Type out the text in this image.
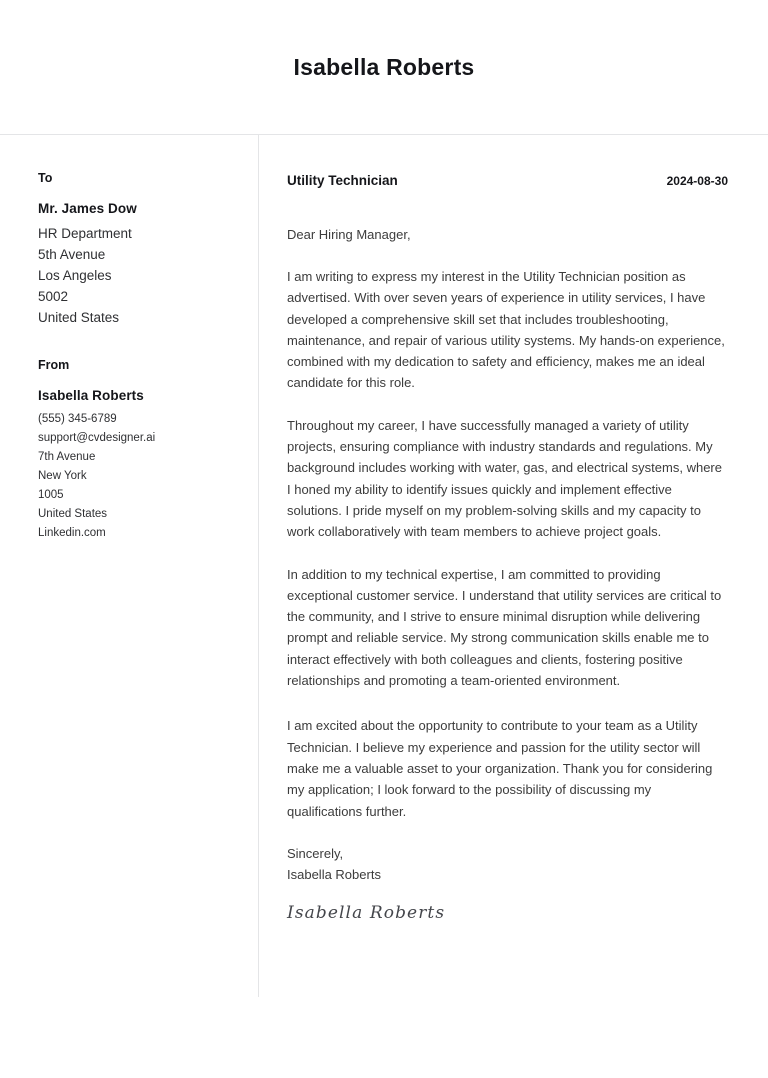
Isabella Roberts
To
Mr. James Dow
HR Department
5th Avenue
Los Angeles
5002
United States
From
Isabella Roberts
(555) 345-6789
support@cvdesigner.ai
7th Avenue
New York
1005
United States
Linkedin.com
Utility Technician	2024-08-30
Dear Hiring Manager,

I am writing to express my interest in the Utility Technician position as advertised. With over seven years of experience in utility services, I have developed a comprehensive skill set that includes troubleshooting, maintenance, and repair of various utility systems. My hands-on experience, combined with my dedication to safety and efficiency, makes me an ideal candidate for this role.

Throughout my career, I have successfully managed a variety of utility projects, ensuring compliance with industry standards and regulations. My background includes working with water, gas, and electrical systems, where I honed my ability to identify issues quickly and implement effective solutions. I pride myself on my problem-solving skills and my capacity to work collaboratively with team members to achieve project goals.

In addition to my technical expertise, I am committed to providing exceptional customer service. I understand that utility services are critical to the community, and I strive to ensure minimal disruption while delivering prompt and reliable service. My strong communication skills enable me to interact effectively with both colleagues and clients, fostering positive relationships and promoting a team-oriented environment.

I am excited about the opportunity to contribute to your team as a Utility Technician. I believe my experience and passion for the utility sector will make me a valuable asset to your organization. Thank you for considering my application; I look forward to the possibility of discussing my qualifications further.

Sincerely,
Isabella Roberts
Isabella Roberts
